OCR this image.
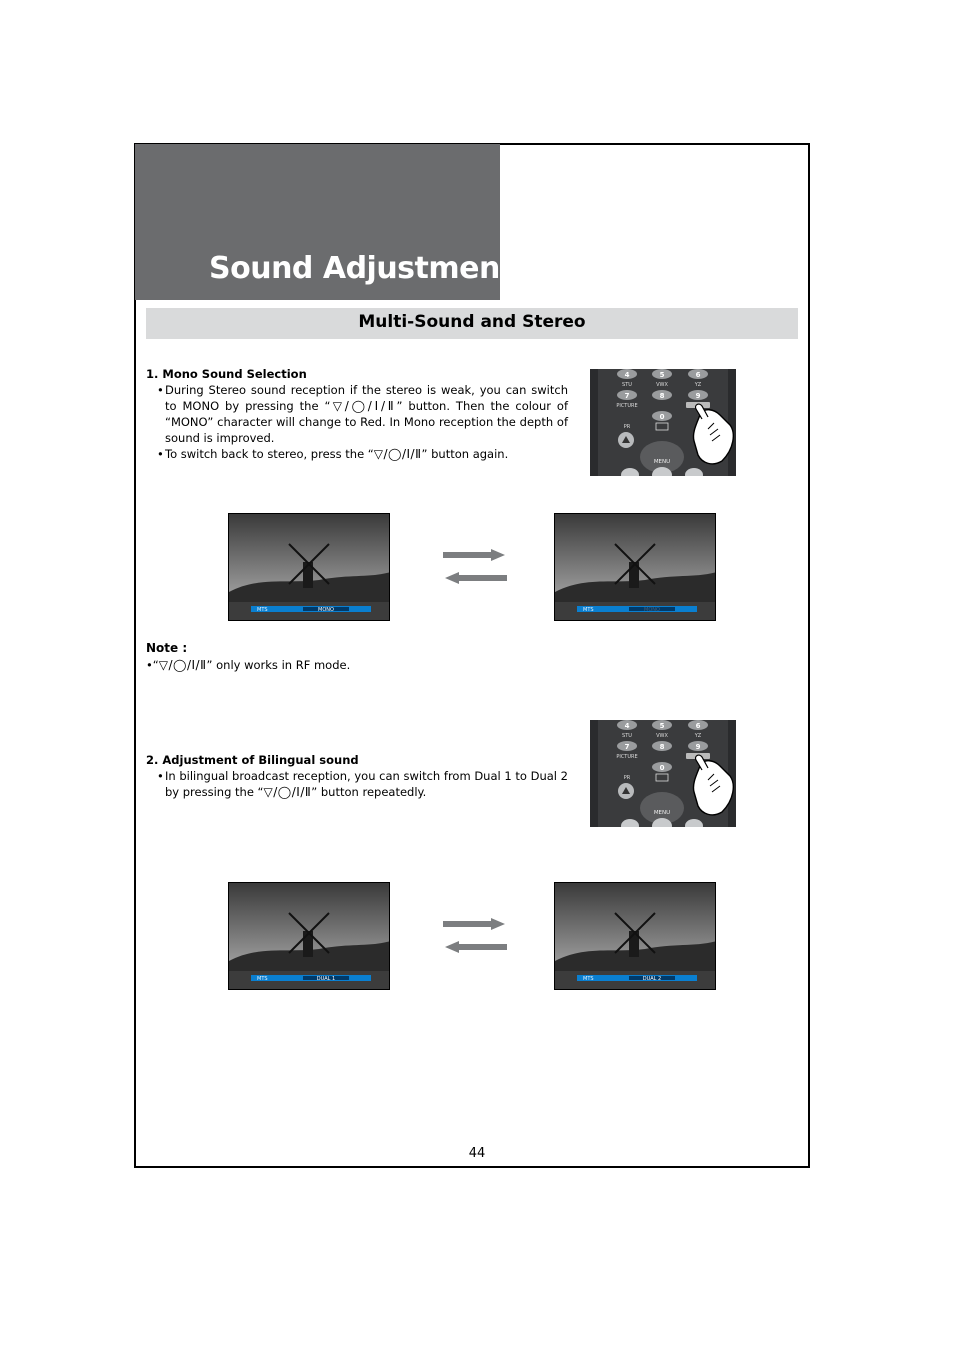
Sound Adjustment
Multi-Sound and Stereo
1. Mono Sound Selection
• During Stereo sound reception if the stereo is weak, you can switch to MONO by pressing the “▽/◯/Ⅰ/Ⅱ” button. Then the colour of “MONO” character will change to Red. In Mono reception the depth of sound is improved.
• To switch back to stereo, press the “▽/◯/Ⅰ/Ⅱ” button again.
4	5	6
STU	VWX	YZ
7	8	9
PICTURE
0
PR
MENU
MTS	MONO	MTS	MONO
Note :
•“▽/◯/Ⅰ/Ⅱ” only works in RF mode.
2. Adjustment of Bilingual sound
• In bilingual broadcast reception, you can switch from Dual 1 to Dual 2 by pressing the “▽/◯/Ⅰ/Ⅱ” button repeatedly.
4	5	6
STU	VWX	YZ
7	8	9
PICTURE
0
PR
MENU
MTS	DUAL 1	MTS	DUAL 2
44
